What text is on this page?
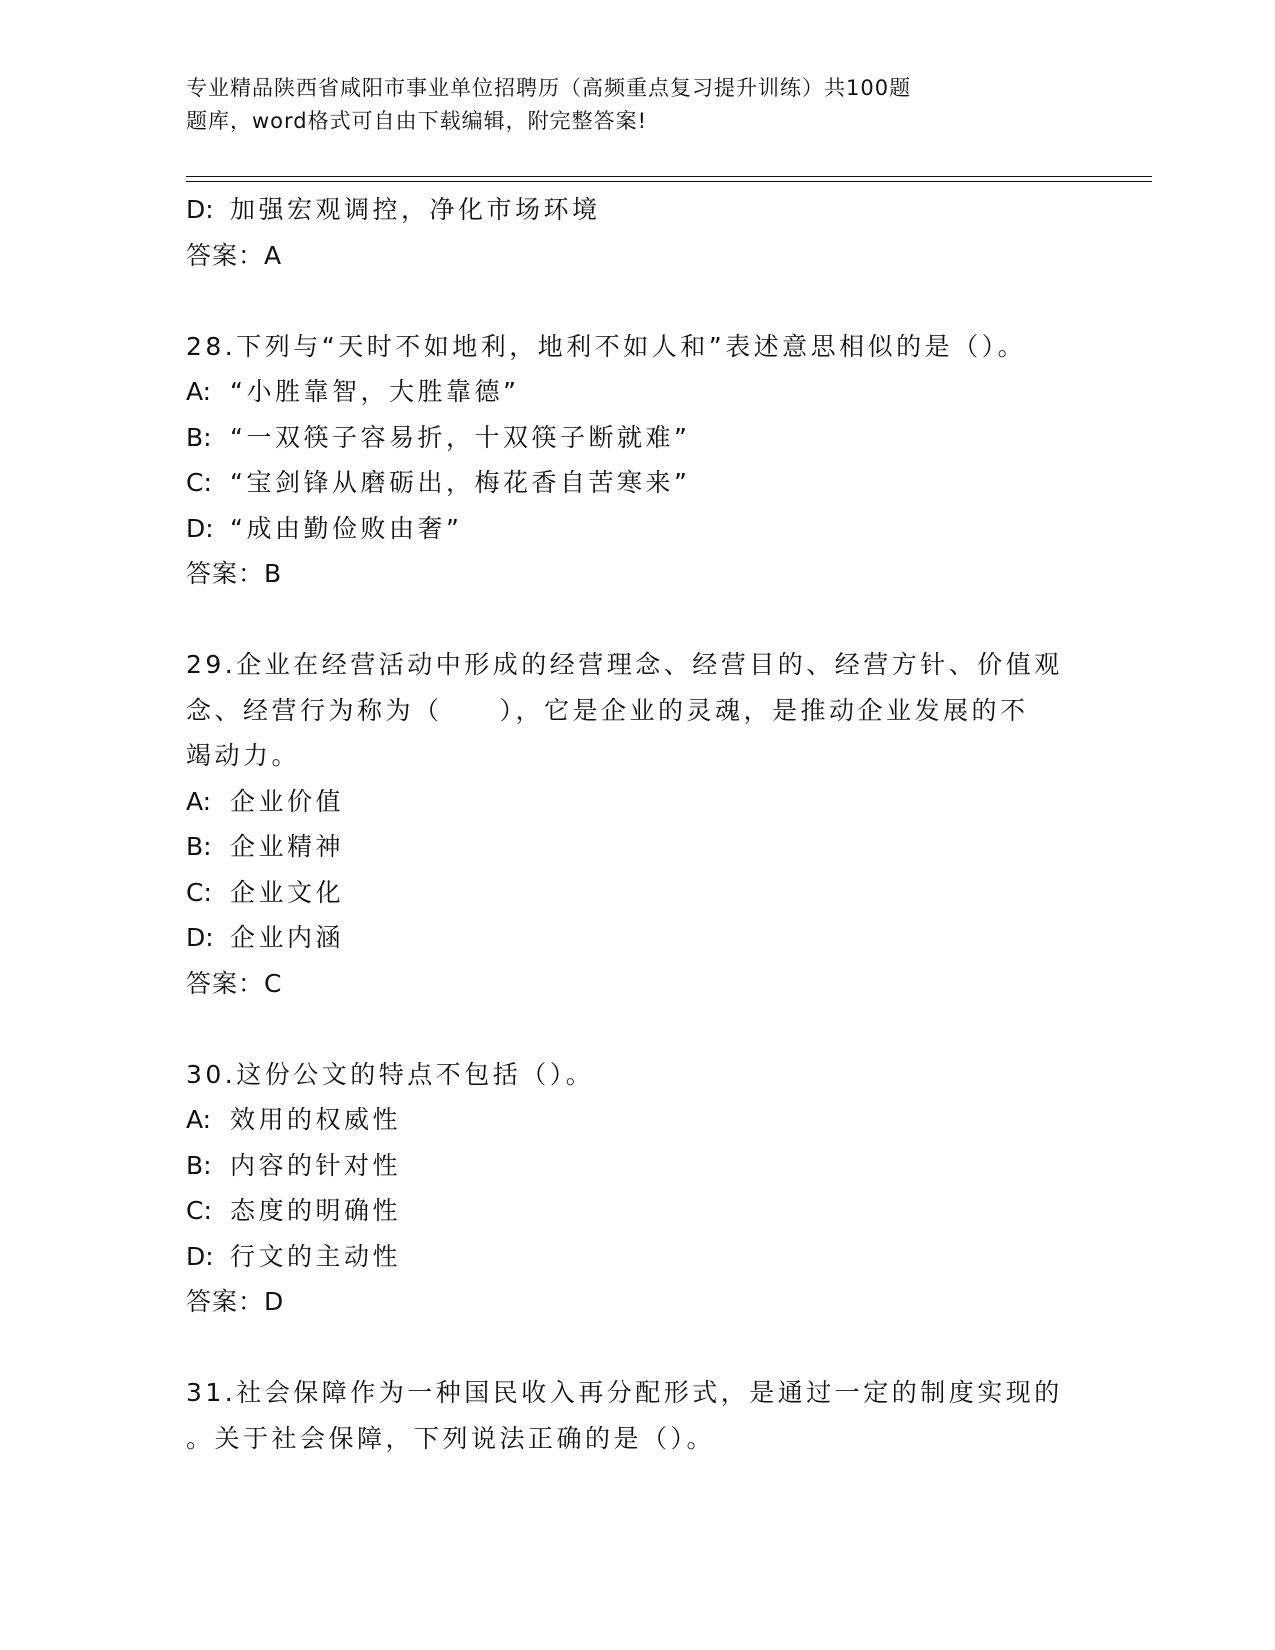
专业精品陕西省咸阳市事业单位招聘历（高频重点复习提升训练）共100题
题库，word格式可自由下载编辑，附完整答案!
D: 加强宏观调控，净化市场环境
答案：A
28.下列与“天时不如地利，地利不如人和”表述意思相似的是（）。
A: “小胜靠智，大胜靠德”
B: “一双筷子容易折，十双筷子断就难”
C: “宝剑锋从磨砺出，梅花香自苦寒来”
D: “成由勤俭败由奢”
答案：B
29.企业在经营活动中形成的经营理念、经营目的、经营方针、价值观
念、经营行为称为（　　），它是企业的灵魂，是推动企业发展的不
竭动力。
A: 企业价值
B: 企业精神
C: 企业文化
D: 企业内涵
答案：C
30.这份公文的特点不包括（）。
A: 效用的权威性
B: 内容的针对性
C: 态度的明确性
D: 行文的主动性
答案：D
31.社会保障作为一种国民收入再分配形式，是通过一定的制度实现的
。关于社会保障，下列说法正确的是（）。
